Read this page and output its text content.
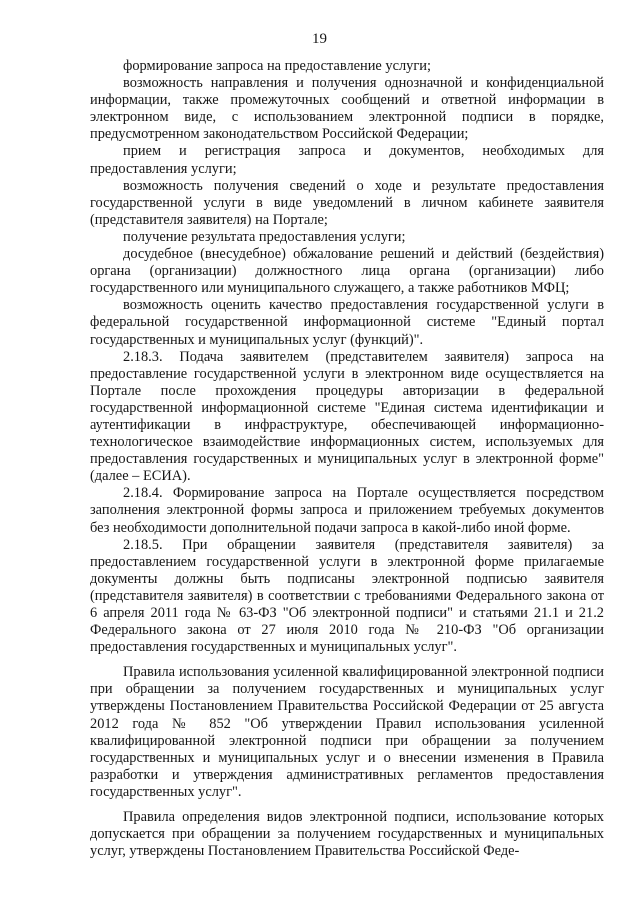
19

формирование запроса на предоставление услуги;

возможность направления и получения однозначной и конфиденциальной информации, также промежуточных сообщений и ответной информации в электронном виде, с использованием электронной подписи в порядке, предусмотренном законодательством Российской Федерации;

прием и регистрация запроса и документов, необходимых для предоставления услуги;

возможность получения сведений о ходе и результате предоставления государственной услуги в виде уведомлений в личном кабинете заявителя (представителя заявителя) на Портале;

получение результата предоставления услуги;

досудебное (внесудебное) обжалование решений и действий (бездействия) органа (организации) должностного лица органа (организации) либо государственного или муниципального служащего, а также работников МФЦ;

возможность оценить качество предоставления государственной услуги в федеральной государственной информационной системе "Единый портал государственных и муниципальных услуг (функций)".

2.18.3. Подача заявителем (представителем заявителя) запроса на предоставление государственной услуги в электронном виде осуществляется на Портале после прохождения процедуры авторизации в федеральной государственной информационной системе "Единая система идентификации и аутентификации в инфраструктуре, обеспечивающей информационно-технологическое взаимодействие информационных систем, используемых для предоставления государственных и муниципальных услуг в электронной форме" (далее – ЕСИА).

2.18.4. Формирование запроса на Портале осуществляется посредством заполнения электронной формы запроса и приложением требуемых документов без необходимости дополнительной подачи запроса в какой-либо иной форме.

2.18.5. При обращении заявителя (представителя заявителя) за предоставлением государственной услуги в электронной форме прилагаемые документы должны быть подписаны электронной подписью заявителя (представителя заявителя) в соответствии с требованиями Федерального закона от 6 апреля 2011 года № 63-ФЗ "Об электронной подписи" и статьями 21.1 и 21.2 Федерального закона от 27 июля 2010 года № 210-ФЗ "Об организации предоставления государственных и муниципальных услуг".

Правила использования усиленной квалифицированной электронной подписи при обращении за получением государственных и муниципальных услуг утверждены Постановлением Правительства Российской Федерации от 25 августа 2012 года № 852 "Об утверждении Правил использования усиленной квалифицированной электронной подписи при обращении за получением государственных и муниципальных услуг и о внесении изменения в Правила разработки и утверждения административных регламентов предоставления государственных услуг".

Правила определения видов электронной подписи, использование которых допускается при обращении за получением государственных и муниципальных услуг, утверждены Постановлением Правительства Российской Феде-
